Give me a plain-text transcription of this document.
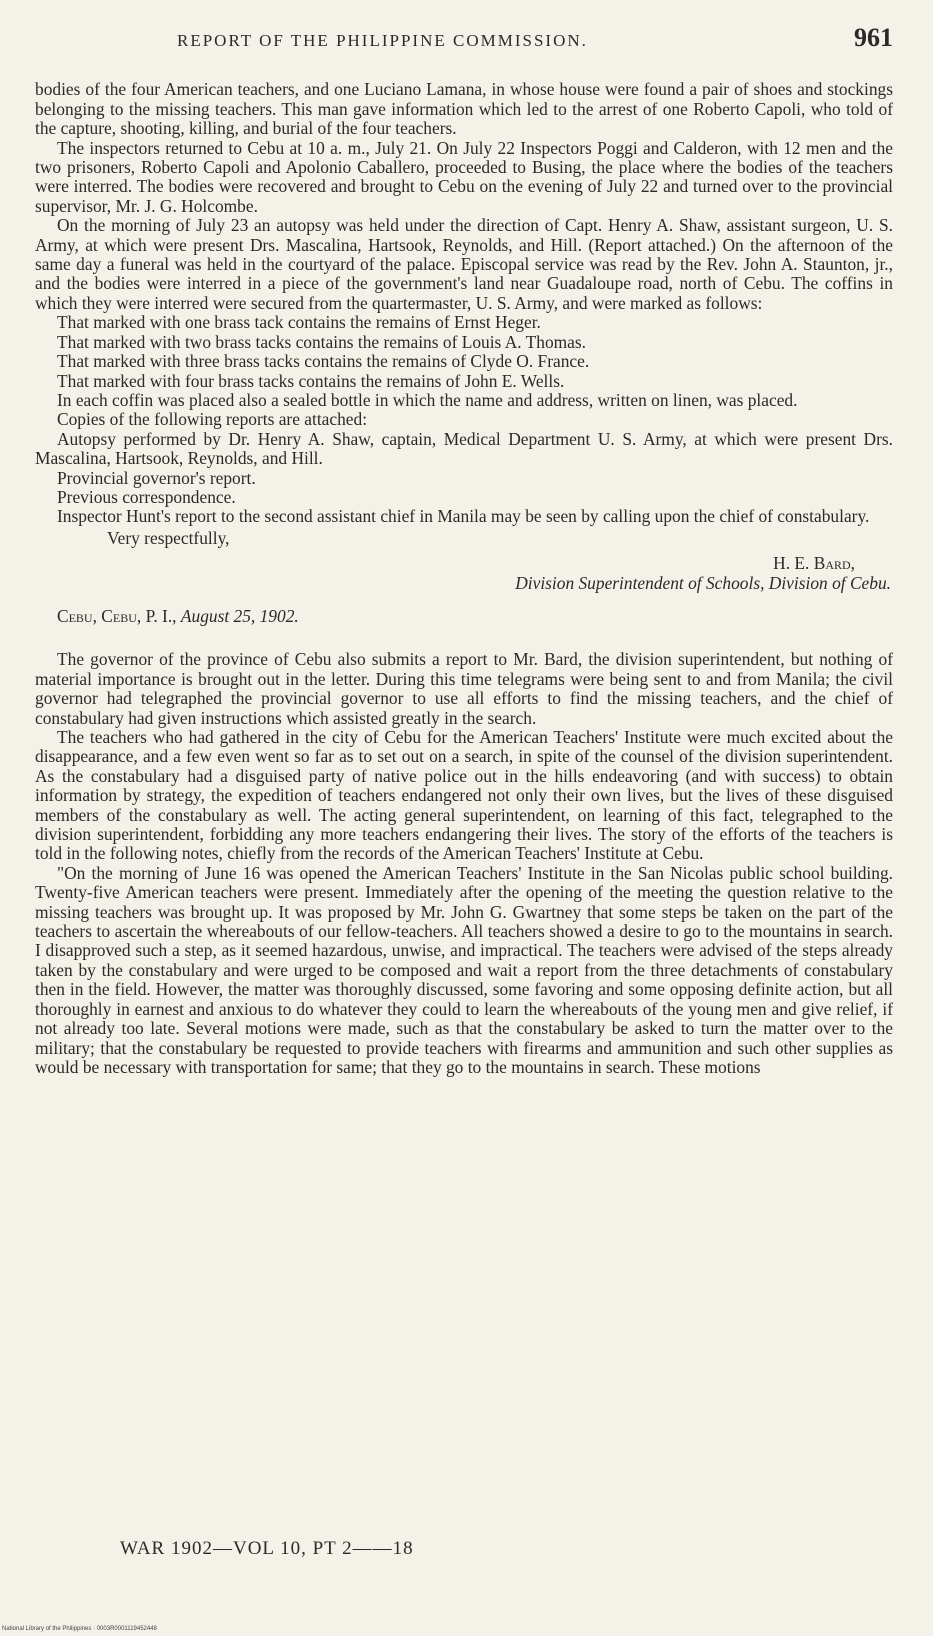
REPORT OF THE PHILIPPINE COMMISSION.	961

bodies of the four American teachers, and one Luciano Lamana, in whose house were found a pair of shoes and stockings belonging to the missing teachers. This man gave information which led to the arrest of one Roberto Capoli, who told of the capture, shooting, killing, and burial of the four teachers.

The inspectors returned to Cebu at 10 a. m., July 21. On July 22 Inspectors Poggi and Calderon, with 12 men and the two prisoners, Roberto Capoli and Apolonio Caballero, proceeded to Busing, the place where the bodies of the teachers were interred. The bodies were recovered and brought to Cebu on the evening of July 22 and turned over to the provincial supervisor, Mr. J. G. Holcombe.

On the morning of July 23 an autopsy was held under the direction of Capt. Henry A. Shaw, assistant surgeon, U. S. Army, at which were present Drs. Mascalina, Hartsook, Reynolds, and Hill. (Report attached.) On the afternoon of the same day a funeral was held in the courtyard of the palace. Episcopal service was read by the Rev. John A. Staunton, jr., and the bodies were interred in a piece of the government's land near Guadaloupe road, north of Cebu. The coffins in which they were interred were secured from the quartermaster, U. S. Army, and were marked as follows:

That marked with one brass tack contains the remains of Ernst Heger.

That marked with two brass tacks contains the remains of Louis A. Thomas.

That marked with three brass tacks contains the remains of Clyde O. France.

That marked with four brass tacks contains the remains of John E. Wells.

In each coffin was placed also a sealed bottle in which the name and address, written on linen, was placed.

Copies of the following reports are attached:

Autopsy performed by Dr. Henry A. Shaw, captain, Medical Department U. S. Army, at which were present Drs. Mascalina, Hartsook, Reynolds, and Hill.

Provincial governor's report.

Previous correspondence.

Inspector Hunt's report to the second assistant chief in Manila may be seen by calling upon the chief of constabulary.

Very respectfully,

H. E. Bard,

Division Superintendent of Schools, Division of Cebu.

Cebu, Cebu, P. I., August 25, 1902.

The governor of the province of Cebu also submits a report to Mr. Bard, the division superintendent, but nothing of material importance is brought out in the letter. During this time telegrams were being sent to and from Manila; the civil governor had telegraphed the provincial governor to use all efforts to find the missing teachers, and the chief of constabulary had given instructions which assisted greatly in the search.

The teachers who had gathered in the city of Cebu for the American Teachers' Institute were much excited about the disappearance, and a few even went so far as to set out on a search, in spite of the counsel of the division superintendent. As the constabulary had a disguised party of native police out in the hills endeavoring (and with success) to obtain information by strategy, the expedition of teachers endangered not only their own lives, but the lives of these disguised members of the constabulary as well. The acting general superintendent, on learning of this fact, telegraphed to the division superintendent, forbidding any more teachers endangering their lives. The story of the efforts of the teachers is told in the following notes, chiefly from the records of the American Teachers' Institute at Cebu.

"On the morning of June 16 was opened the American Teachers' Institute in the San Nicolas public school building. Twenty-five American teachers were present. Immediately after the opening of the meeting the question relative to the missing teachers was brought up. It was proposed by Mr. John G. Gwartney that some steps be taken on the part of the teachers to ascertain the whereabouts of our fellow-teachers. All teachers showed a desire to go to the mountains in search. I disapproved such a step, as it seemed hazardous, unwise, and impractical. The teachers were advised of the steps already taken by the constabulary and were urged to be composed and wait a report from the three detachments of constabulary then in the field. However, the matter was thoroughly discussed, some favoring and some opposing definite action, but all thoroughly in earnest and anxious to do whatever they could to learn the whereabouts of the young men and give relief, if not already too late. Several motions were made, such as that the constabulary be asked to turn the matter over to the military; that the constabulary be requested to provide teachers with firearms and ammunition and such other supplies as would be necessary with transportation for same; that they go to the mountains in search. These motions

WAR 1902—VOL 10, PT 2——18
National Library of the Philippines · 0003R0001119452448
